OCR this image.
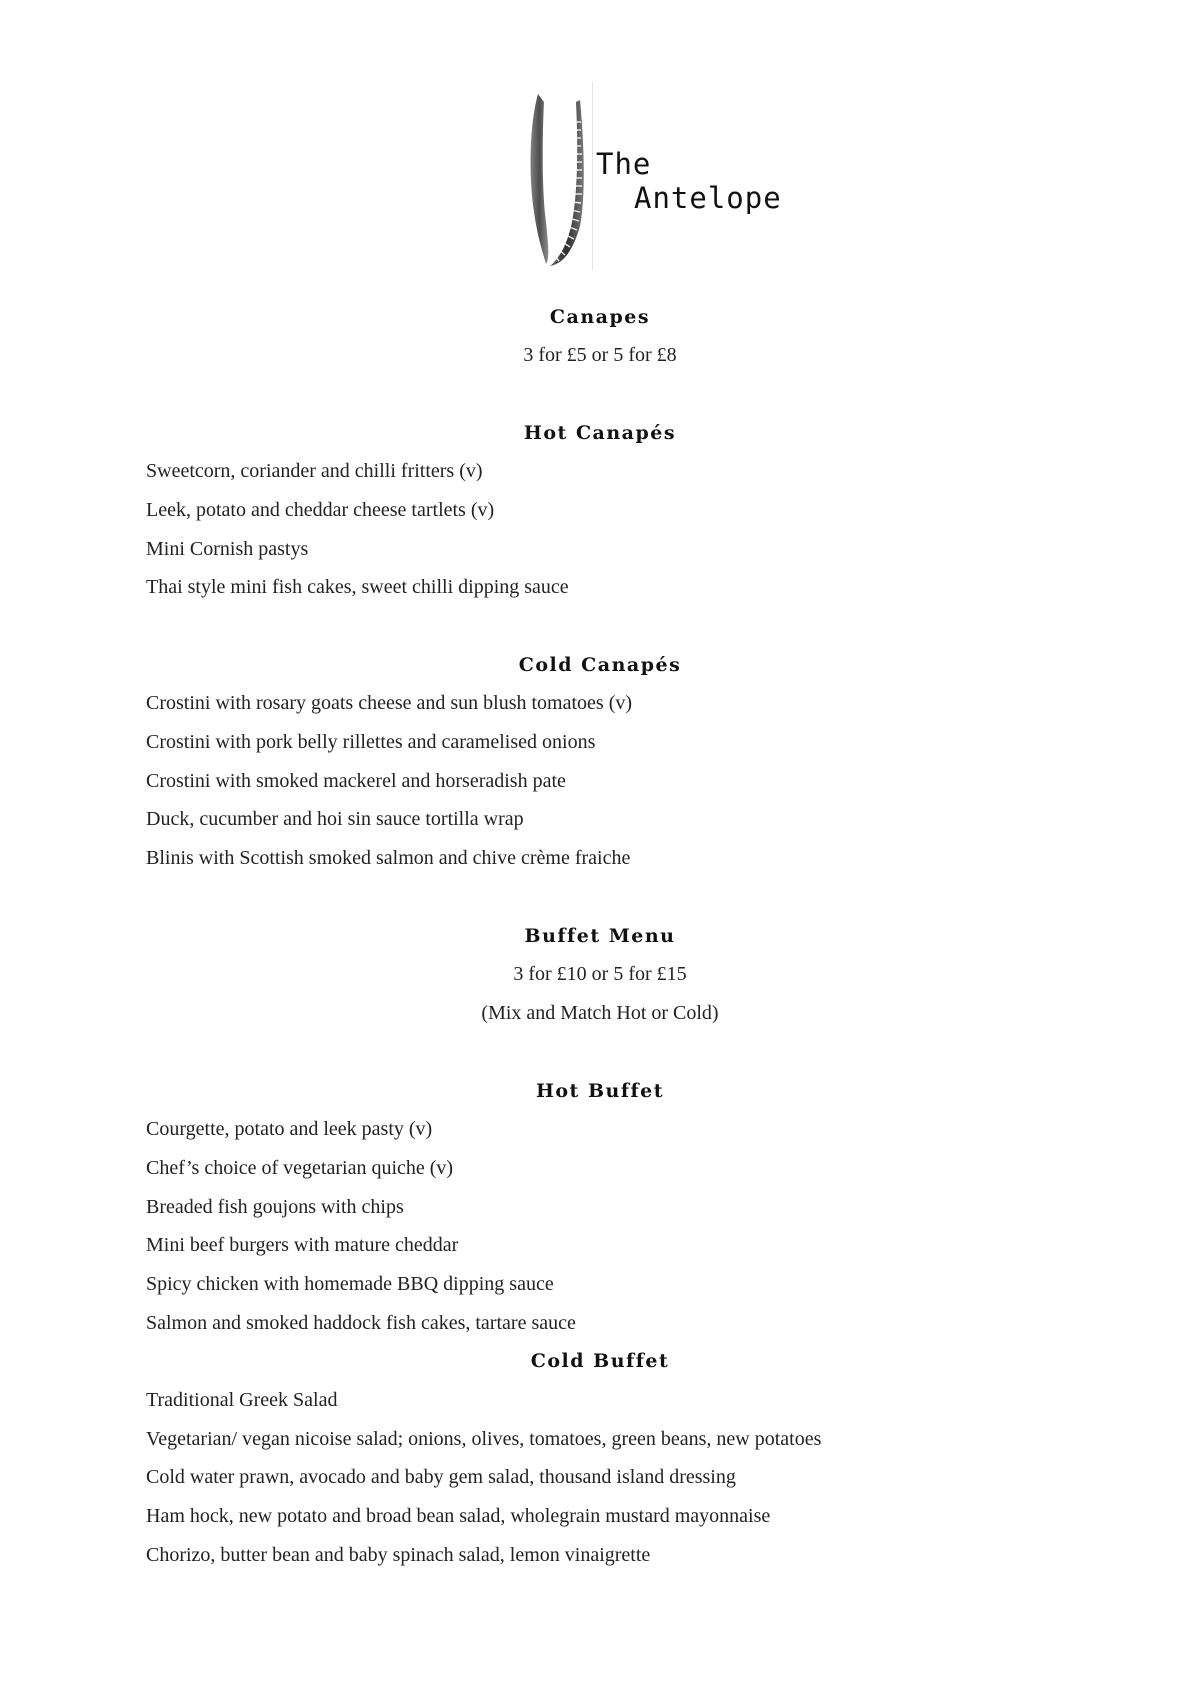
The
Antelope
Canapes
3 for £5 or 5 for £8
Hot Canapés
Sweetcorn, coriander and chilli fritters (v)
Leek, potato and cheddar cheese tartlets (v)
Mini Cornish pastys
Thai style mini fish cakes, sweet chilli dipping sauce
Cold Canapés
Crostini with rosary goats cheese and sun blush tomatoes (v)
Crostini with pork belly rillettes and caramelised onions
Crostini with smoked mackerel and horseradish pate
Duck, cucumber and hoi sin sauce tortilla wrap
Blinis with Scottish smoked salmon and chive crème fraiche
Buffet Menu
3 for £10 or 5 for £15
(Mix and Match Hot or Cold)
Hot Buffet
Courgette, potato and leek pasty (v)
Chef’s choice of vegetarian quiche (v)
Breaded fish goujons with chips
Mini beef burgers with mature cheddar
Spicy chicken with homemade BBQ dipping sauce
Salmon and smoked haddock fish cakes, tartare sauce
Cold Buffet
Traditional Greek Salad
Vegetarian/ vegan nicoise salad; onions, olives, tomatoes, green beans, new potatoes
Cold water prawn, avocado and baby gem salad, thousand island dressing
Ham hock, new potato and broad bean salad, wholegrain mustard mayonnaise
Chorizo, butter bean and baby spinach salad, lemon vinaigrette
